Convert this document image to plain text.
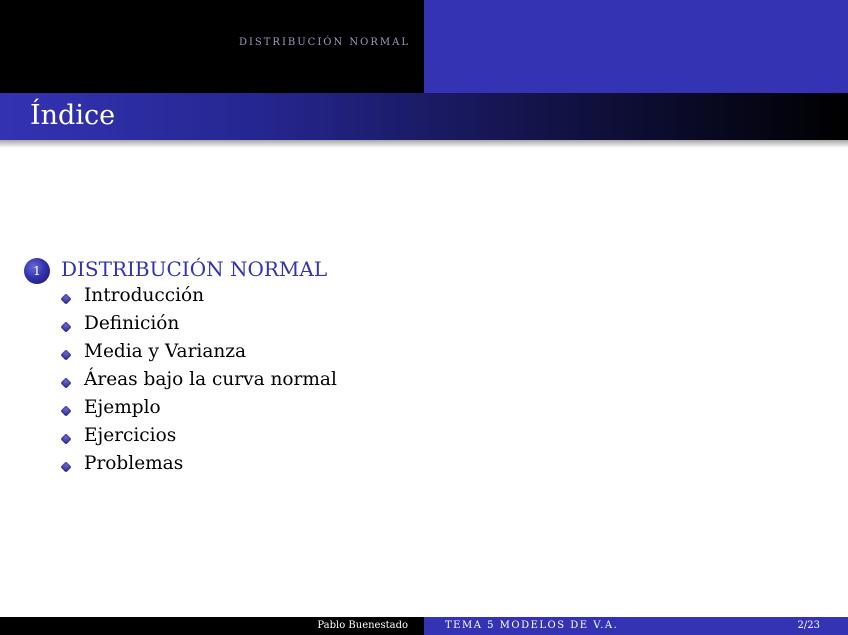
DISTRIBUCIÓN NORMAL
Índice
1	DISTRIBUCIÓN NORMAL
Introducción
Definición
Media y Varianza
Áreas bajo la curva normal
Ejemplo
Ejercicios
Problemas
Pablo Buenestado	TEMA 5 MODELOS DE V.A.	2/23
